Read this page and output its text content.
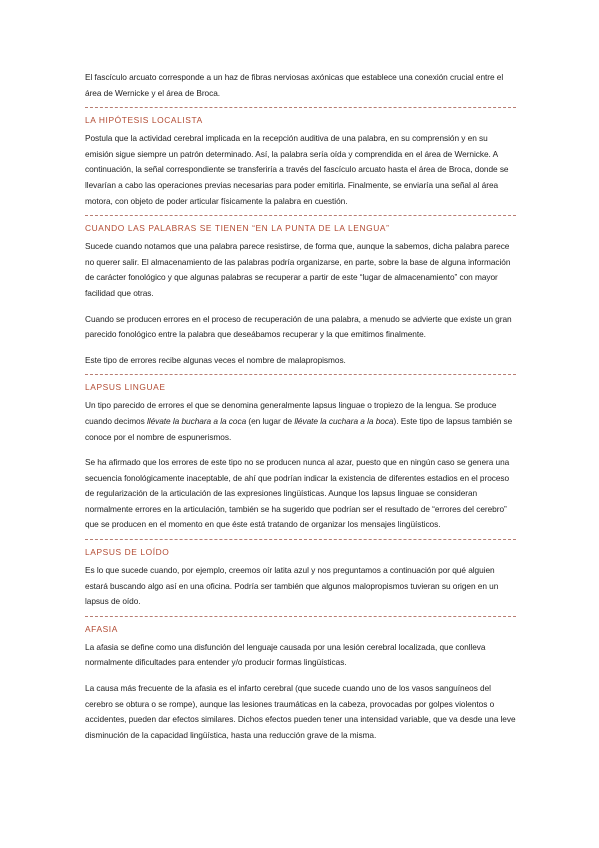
El fascículo arcuato corresponde a un haz de fibras nerviosas axónicas que establece una conexión crucial entre el área de Wernicke y el área de Broca.

LA HIPÓTESIS LOCALISTA

Postula que la actividad cerebral implicada en la recepción auditiva de una palabra, en su comprensión y en su emisión sigue siempre un patrón determinado. Así, la palabra sería oída y comprendida en el área de Wernicke. A continuación, la señal correspondiente se transferiría a través del fascículo arcuato hasta el área de Broca, donde se llevarían a cabo las operaciones previas necesarias para poder emitirla. Finalmente, se enviaría una señal al área motora, con objeto de poder articular físicamente la palabra en cuestión.

CUANDO LAS PALABRAS SE TIENEN “EN LA PUNTA DE LA LENGUA”

Sucede cuando notamos que una palabra parece resistirse, de forma que, aunque la sabemos, dicha palabra parece no querer salir. El almacenamiento de las palabras podría organizarse, en parte, sobre la base de alguna información de carácter fonológico y que algunas palabras se recuperar a partir de este “lugar de almacenamiento” con mayor facilidad que otras.

Cuando se producen errores en el proceso de recuperación de una palabra, a menudo se advierte que existe un gran parecido fonológico entre la palabra que deseábamos recuperar y la que emitimos finalmente.

Este tipo de errores recibe algunas veces el nombre de malapropismos.

LAPSUS LINGUAE

Un tipo parecido de errores el que se denomina generalmente lapsus linguae o tropiezo de la lengua. Se produce cuando decimos llévate la buchara a la coca (en lugar de llévate la cuchara a la boca). Este tipo de lapsus también se conoce por el nombre de espunerismos.

Se ha afirmado que los errores de este tipo no se producen nunca al azar, puesto que en ningún caso se genera una secuencia fonológicamente inaceptable, de ahí que podrían indicar la existencia de diferentes estadios en el proceso de regularización de la articulación de las expresiones lingüísticas. Aunque los lapsus linguae se consideran normalmente errores en la articulación, también se ha sugerido que podrían ser el resultado de “errores del cerebro” que se producen en el momento en que éste está tratando de organizar los mensajes lingüísticos.

LAPSUS DE LOÍDO

Es lo que sucede cuando, por ejemplo, creemos oír latita azul y nos preguntamos a continuación por qué alguien estará buscando algo así en una oficina. Podría ser también que algunos malopropismos tuvieran su origen en un lapsus de oído.

AFASIA

La afasia se define como una disfunción del lenguaje causada por una lesión cerebral localizada, que conlleva normalmente dificultades para entender y/o producir formas lingüísticas.

La causa más frecuente de la afasia es el infarto cerebral (que sucede cuando uno de los vasos sanguíneos del cerebro se obtura o se rompe), aunque las lesiones traumáticas en la cabeza, provocadas por golpes violentos o accidentes, pueden dar efectos similares. Dichos efectos pueden tener una intensidad variable, que va desde una leve disminución de la capacidad lingüística, hasta una reducción grave de la misma.
